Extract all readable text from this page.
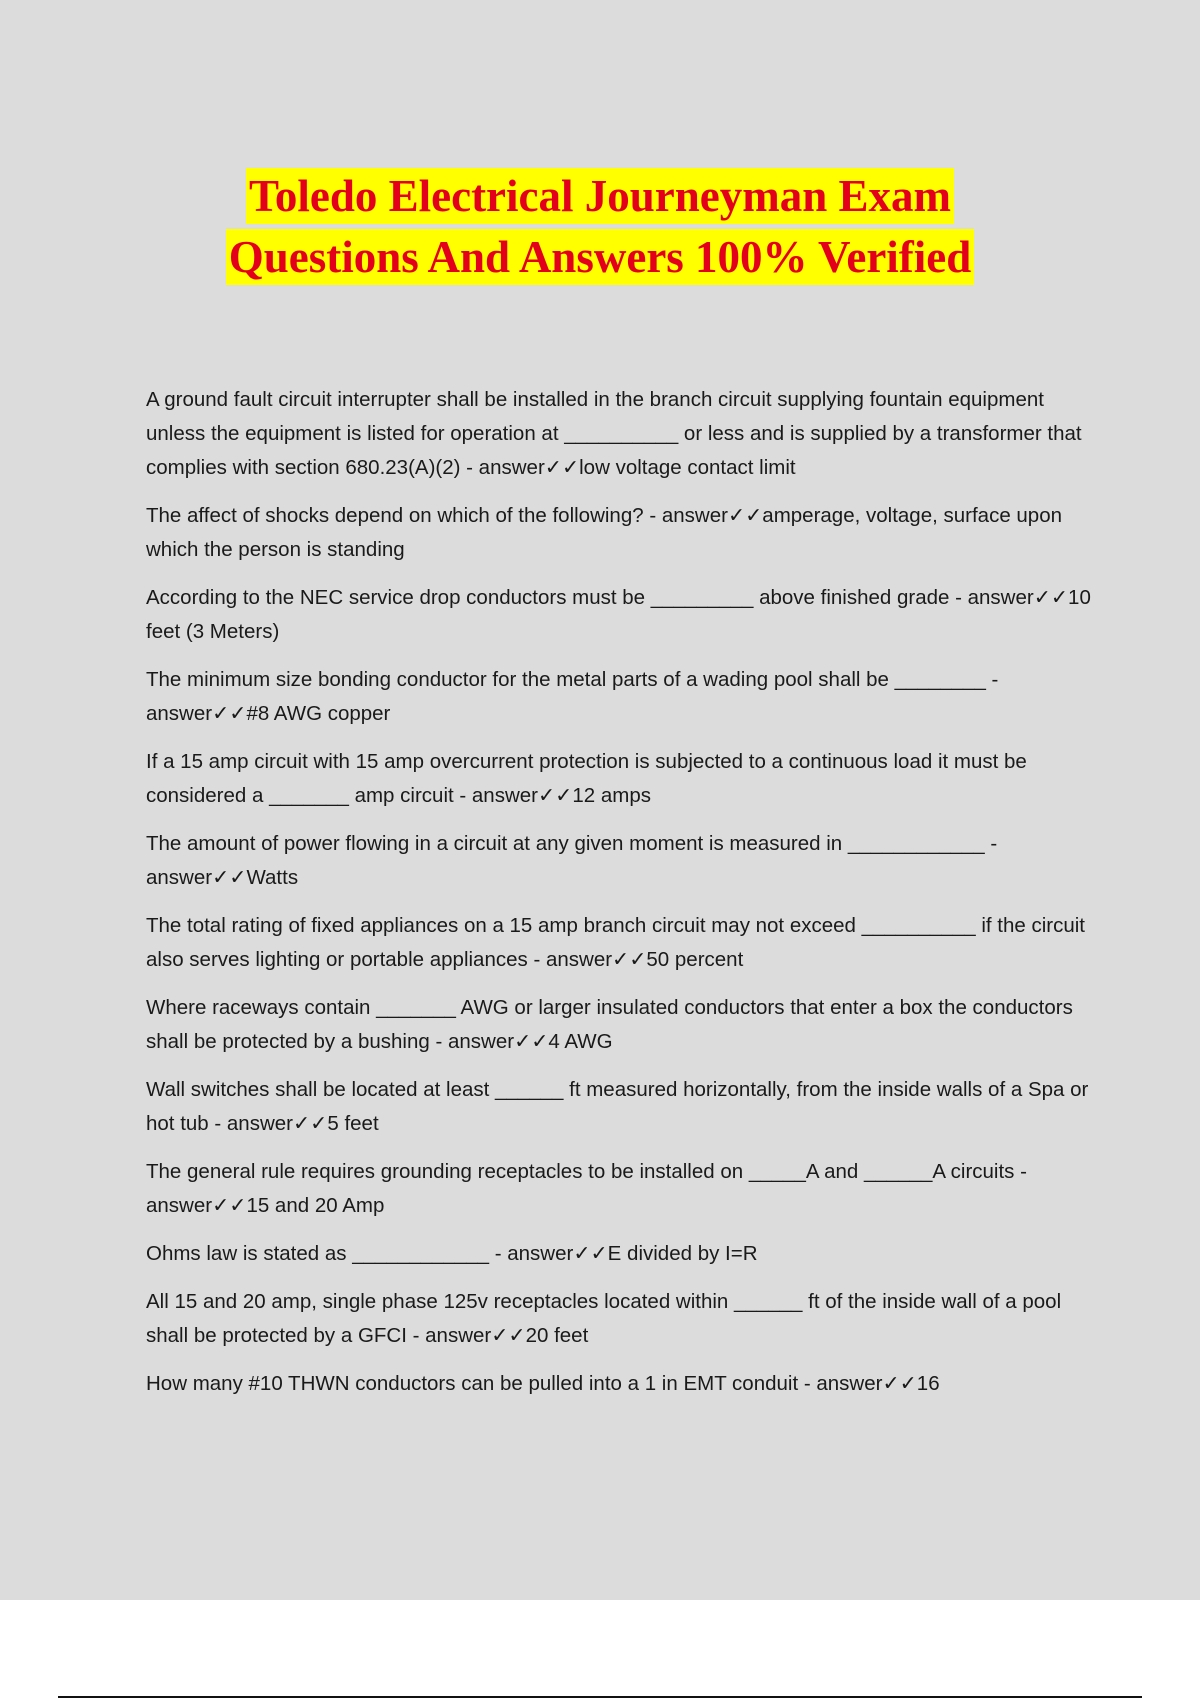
Toledo Electrical Journeyman Exam
Questions And Answers 100% Verified

A ground fault circuit interrupter shall be installed in the branch circuit supplying fountain equipment unless the equipment is listed for operation at __________ or less and is supplied by a transformer that complies with section 680.23(A)(2) - answer✓✓low voltage contact limit

The affect of shocks depend on which of the following? - answer✓✓amperage, voltage, surface upon which the person is standing

According to the NEC service drop conductors must be _________ above finished grade - answer✓✓10 feet (3 Meters)

The minimum size bonding conductor for the metal parts of a wading pool shall be ________ - answer✓✓#8 AWG copper

If a 15 amp circuit with 15 amp overcurrent protection is subjected to a continuous load it must be considered a _______ amp circuit - answer✓✓12 amps

The amount of power flowing in a circuit at any given moment is measured in ____________ - answer✓✓Watts

The total rating of fixed appliances on a 15 amp branch circuit may not exceed __________ if the circuit also serves lighting or portable appliances - answer✓✓50 percent

Where raceways contain _______ AWG or larger insulated conductors that enter a box the conductors shall be protected by a bushing - answer✓✓4 AWG

Wall switches shall be located at least ______ ft measured horizontally, from the inside walls of a Spa or hot tub - answer✓✓5 feet

The general rule requires grounding receptacles to be installed on _____A and ______A circuits - answer✓✓15 and 20 Amp

Ohms law is stated as ____________ - answer✓✓E divided by I=R

All 15 and 20 amp, single phase 125v receptacles located within ______ ft of the inside wall of a pool shall be protected by a GFCI - answer✓✓20 feet

How many #10 THWN conductors can be pulled into a 1 in EMT conduit - answer✓✓16
